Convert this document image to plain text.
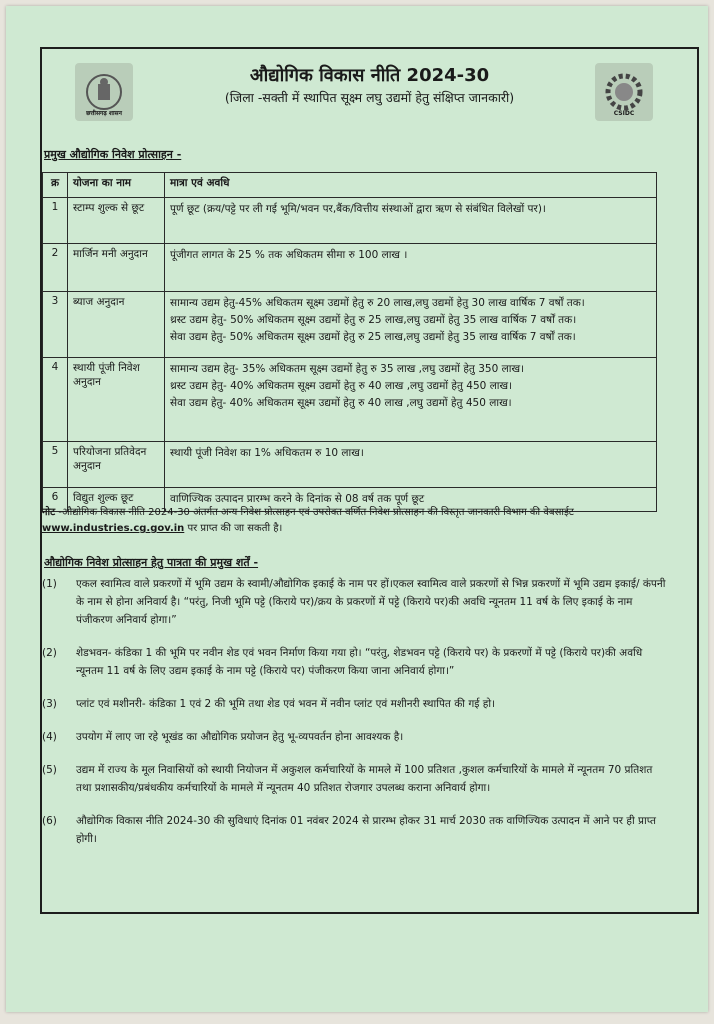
छत्तीसगढ़ शासन
औद्योगिक विकास नीति 2024-30
(जिला -सक्ती में स्थापित सूक्ष्म लघु उद्यमों हेतु संक्षिप्त जानकारी)
CSIDC
प्रमुख औद्योगिक निवेश प्रोत्साहन -
क्र	योजना का नाम	मात्रा एवं अवधि
1	स्टाम्प शुल्क से छूट	पूर्ण छूट (क्रय/पट्टे पर ली गई भूमि/भवन पर,बैंक/वित्तीय संस्थाओं द्वारा ऋण से संबंधित विलेखों पर)।

2	मार्जिन मनी अनुदान	पूंजीगत लागत के 25 % तक अधिकतम सीमा रु 100 लाख ।

3	ब्याज अनुदान	सामान्य उद्यम हेतु-45% अधिकतम सूक्ष्म उद्यमों हेतु रु 20 लाख,लघु उद्यमों हेतु 30 लाख वार्षिक 7 वर्षों तक।
थ्रस्ट उद्यम हेतु- 50% अधिकतम सूक्ष्म उद्यमों हेतु रु 25 लाख,लघु उद्यमों हेतु 35 लाख वार्षिक 7 वर्षों तक।
सेवा उद्यम हेतु- 50% अधिकतम सूक्ष्म उद्यमों हेतु रु 25 लाख,लघु उद्यमों हेतु 35 लाख वार्षिक 7 वर्षों तक।

4	स्थायी पूंजी निवेश अनुदान	सामान्य उद्यम हेतु- 35% अधिकतम सूक्ष्म उद्यमों हेतु रु 35 लाख ,लघु उद्यमों हेतु 350 लाख।
थ्रस्ट उद्यम हेतु- 40% अधिकतम सूक्ष्म उद्यमों हेतु रु 40 लाख ,लघु उद्यमों हेतु 450 लाख।
सेवा उद्यम हेतु- 40% अधिकतम सूक्ष्म उद्यमों हेतु रु 40 लाख ,लघु उद्यमों हेतु 450 लाख।

5	परियोजना प्रतिवेदन अनुदान	स्थायी पूंजी निवेश का 1% अधिकतम रु 10 लाख।

6	विद्युत शुल्क छूट	वाणिज्यिक उत्पादन प्रारम्भ करने के दिनांक से 08 वर्ष तक पूर्ण छूट
नोट -औद्योगिक विकास नीति 2024-30 अंतर्गत अन्य निवेश प्रोत्साहन एवं उपरोक्त वर्णित निवेश प्रोत्साहन की विस्तृत जानकारी विभाग की वेबसाईट www.industries.cg.gov.in पर प्राप्त की जा सकती है।
औद्योगिक निवेश प्रोत्साहन हेतु पात्रता की प्रमुख शर्तें -
(1)	एकल स्वामित्व वाले प्रकरणों में भूमि उद्यम के स्वामी/औद्योगिक इकाई के नाम पर हों।एकल स्वामित्व वाले प्रकरणों से भिन्न प्रकरणों में भूमि उद्यम इकाई/ कंपनी के नाम से होना अनिवार्य है। “परंतु, निजी भूमि पट्टे (किराये पर)/क्रय के प्रकरणों में पट्टे (किराये पर)की अवधि न्यूनतम 11 वर्ष के लिए इकाई के नाम पंजीकरण अनिवार्य होगा।”
(2)	शेडभवन- कंडिका 1 की भूमि पर नवीन शेड एवं भवन निर्माण किया गया हो। “परंतु, शेडभवन पट्टे (किराये पर) के प्रकरणों में पट्टे (किराये पर)की अवधि न्यूनतम 11 वर्ष के लिए उद्यम इकाई के नाम पट्टे (किराये पर) पंजीकरण किया जाना अनिवार्य होगा।”
(3)	प्लांट एवं मशीनरी- कंडिका 1 एवं 2 की भूमि तथा शेड एवं भवन में नवीन प्लांट एवं मशीनरी स्थापित की गई हो।
(4)	उपयोग में लाए जा रहे भूखंड का औद्योगिक प्रयोजन हेतु भू-व्यपवर्तन होना आवश्यक है।
(5)	उद्यम में राज्य के मूल निवासियों को स्थायी नियोजन में अकुशल कर्मचारियों के मामले में 100 प्रतिशत ,कुशल कर्मचारियों के मामले में न्यूनतम 70 प्रतिशत तथा प्रशासकीय/प्रबंधकीय कर्मचारियों के मामले में न्यूनतम 40 प्रतिशत रोजगार उपलब्ध कराना अनिवार्य होगा।
(6)	औद्योगिक विकास नीति 2024-30 की सुविधाएं दिनांक 01 नवंबर 2024 से प्रारम्भ होकर 31 मार्च 2030 तक वाणिज्यिक उत्पादन में आने पर ही प्राप्त होगी।
